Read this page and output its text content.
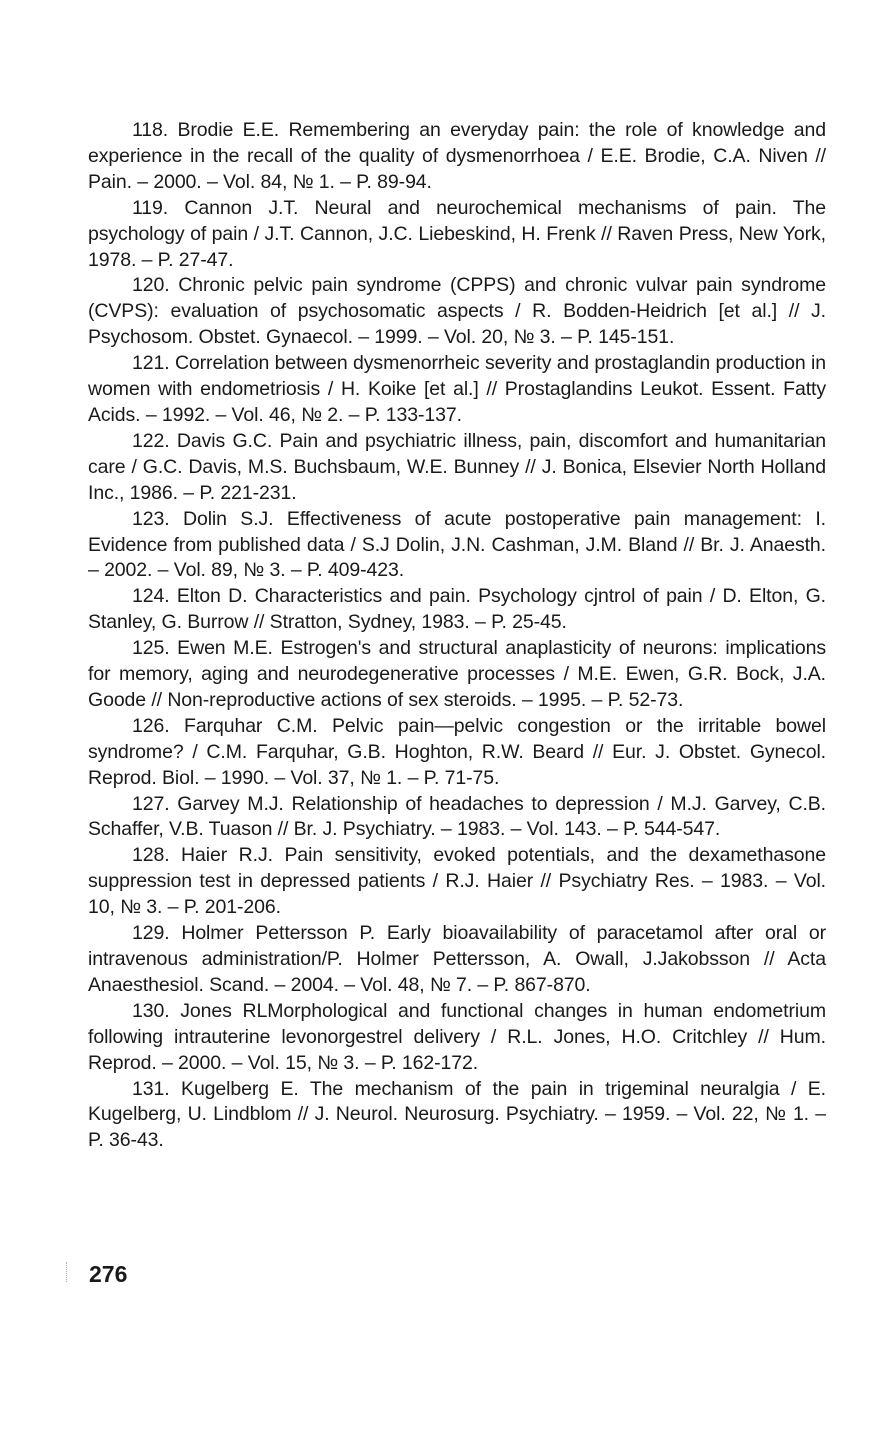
118. Brodie E.E. Remembering an everyday pain: the role of knowledge and experience in the recall of the quality of dysmenorrhoea / E.E. Brodie, C.A. Niven // Pain. – 2000. – Vol. 84, № 1. – P. 89-94.

119. Cannon J.T. Neural and neurochemical mechanisms of pain. The psychology of pain / J.T. Cannon, J.C. Liebeskind, H. Frenk // Raven Press, New York, 1978. – P. 27-47.

120. Chronic pelvic pain syndrome (CPPS) and chronic vulvar pain syndrome (CVPS): evaluation of psychosomatic aspects / R. Bodden-Heidrich [et al.] // J. Psychosom. Obstet. Gynaecol. – 1999. – Vol. 20, № 3. – P. 145-151.

121. Correlation between dysmenorrheic severity and prostaglandin production in women with endometriosis / H. Koike [et al.] // Prostaglandins Leukot. Essent. Fatty Acids. – 1992. – Vol. 46, № 2. – P. 133-137.

122. Davis G.C. Pain and psychiatric illness, pain, discomfort and humanitarian care / G.C. Davis, M.S. Buchsbaum, W.E. Bunney // J. Bonica, Elsevier North Holland Inc., 1986. – P. 221-231.

123. Dolin S.J. Effectiveness of acute postoperative pain management: I. Evidence from published data / S.J Dolin, J.N. Cashman, J.M. Bland // Br. J. Anaesth. – 2002. – Vol. 89, № 3. – P. 409-423.

124. Elton D. Characteristics and pain. Psychology cjntrol of pain / D. Elton, G. Stanley, G. Burrow // Stratton, Sydney, 1983. – P. 25-45.

125. Ewen M.E. Estrogen's and structural anaplasticity of neurons: implications for memory, aging and neurodegenerative processes / M.E. Ewen, G.R. Bock, J.A. Goode // Non-reproductive actions of sex steroids. – 1995. – P. 52-73.

126. Farquhar C.M. Pelvic pain—pelvic congestion or the irritable bowel syndrome? / C.M. Farquhar, G.B. Hoghton, R.W. Beard // Eur. J. Obstet. Gynecol. Reprod. Biol. – 1990. – Vol. 37, № 1. – P. 71-75.

127. Garvey M.J. Relationship of headaches to depression / M.J. Garvey, C.B. Schaffer, V.B. Tuason // Br. J. Psychiatry. – 1983. – Vol. 143. – P. 544-547.

128. Haier R.J. Pain sensitivity, evoked potentials, and the dexamethasone suppression test in depressed patients / R.J. Haier // Psychiatry Res. – 1983. – Vol. 10, № 3. – P. 201-206.

129. Holmer Pettersson P. Early bioavailability of paracetamol after oral or intravenous administration/P. Holmer Pettersson, A. Owall, J.Jakobsson // Acta Anaesthesiol. Scand. – 2004. – Vol. 48, № 7. – P. 867-870.

130. Jones RLMorphological and functional changes in human endometrium following intrauterine levonorgestrel delivery / R.L. Jones, H.O. Critchley // Hum. Reprod. – 2000. – Vol. 15, № 3. – P. 162-172.

131. Kugelberg E. The mechanism of the pain in trigeminal neuralgia / E. Kugelberg, U. Lindblom // J. Neurol. Neurosurg. Psychiatry. – 1959. – Vol. 22, № 1. – P. 36-43.

276
